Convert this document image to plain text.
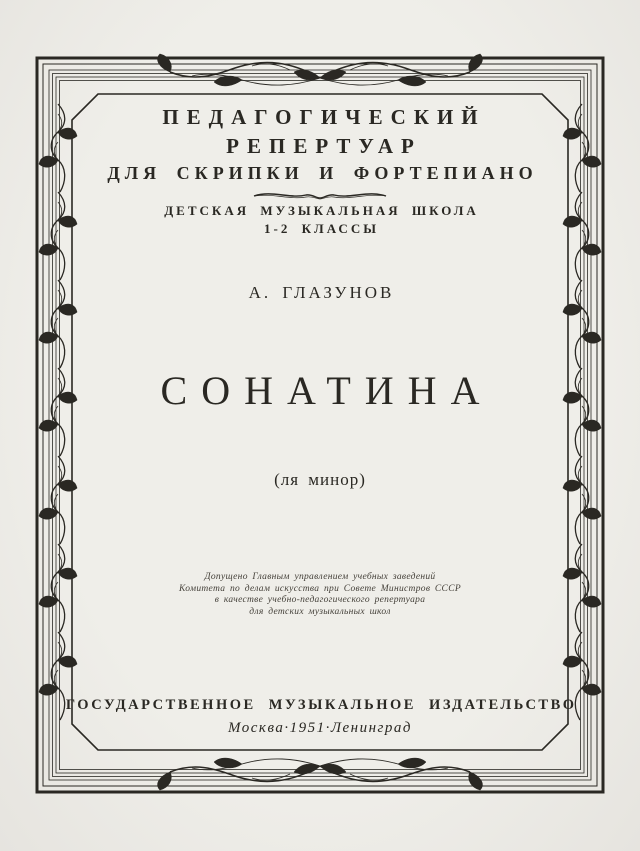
ПЕДАГОГИЧЕСКИЙ
РЕПЕРТУАР
ДЛЯ СКРИПКИ И ФОРТЕПИАНО
ДЕТСКАЯ МУЗЫКАЛЬНАЯ ШКОЛА
1-2 КЛАССЫ
А. ГЛАЗУНОВ
СОНАТИНА
(ля минор)
Допущено Главным управлением учебных заведений
Комитета по делам искусства при Совете Министров СССР
в качестве учебно-педагогического репертуара
для детских музыкальных школ
ГОСУДАРСТВЕННОЕ МУЗЫКАЛЬНОЕ ИЗДАТЕЛЬСТВО
Москва·1951·Ленинград
